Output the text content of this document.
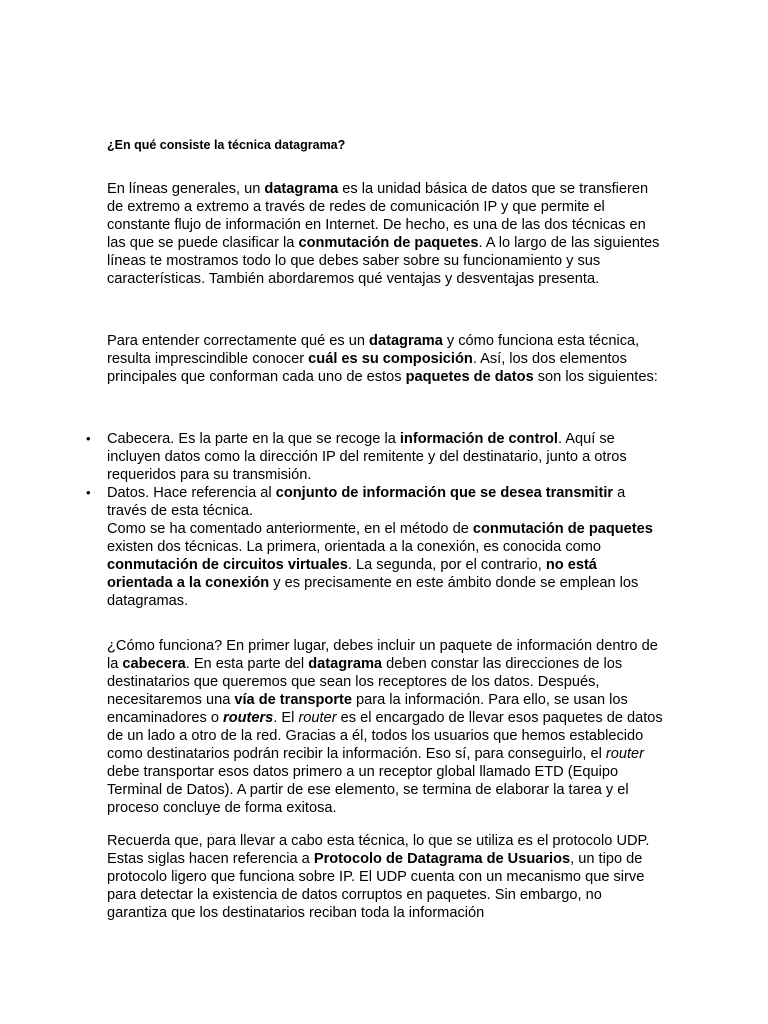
¿En qué consiste la técnica datagrama?

En líneas generales, un datagrama es la unidad básica de datos que se transfieren de extremo a extremo a través de redes de comunicación IP y que permite el constante flujo de información en Internet. De hecho, es una de las dos técnicas en las que se puede clasificar la conmutación de paquetes. A lo largo de las siguientes líneas te mostramos todo lo que debes saber sobre su funcionamiento y sus características. También abordaremos qué ventajas y desventajas presenta.

Para entender correctamente qué es un datagrama y cómo funciona esta técnica, resulta imprescindible conocer cuál es su composición. Así, los dos elementos principales que conforman cada uno de estos paquetes de datos son los siguientes:

• Cabecera. Es la parte en la que se recoge la información de control. Aquí se incluyen datos como la dirección IP del remitente y del destinatario, junto a otros requeridos para su transmisión.
• Datos. Hace referencia al conjunto de información que se desea transmitir a través de esta técnica.
Como se ha comentado anteriormente, en el método de conmutación de paquetes existen dos técnicas. La primera, orientada a la conexión, es conocida como conmutación de circuitos virtuales. La segunda, por el contrario, no está orientada a la conexión y es precisamente en este ámbito donde se emplean los datagramas.

¿Cómo funciona? En primer lugar, debes incluir un paquete de información dentro de la cabecera. En esta parte del datagrama deben constar las direcciones de los destinatarios que queremos que sean los receptores de los datos. Después, necesitaremos una vía de transporte para la información. Para ello, se usan los encaminadores o routers. El router es el encargado de llevar esos paquetes de datos de un lado a otro de la red. Gracias a él, todos los usuarios que hemos establecido como destinatarios podrán recibir la información. Eso sí, para conseguirlo, el router debe transportar esos datos primero a un receptor global llamado ETD (Equipo Terminal de Datos). A partir de ese elemento, se termina de elaborar la tarea y el proceso concluye de forma exitosa.

Recuerda que, para llevar a cabo esta técnica, lo que se utiliza es el protocolo UDP. Estas siglas hacen referencia a Protocolo de Datagrama de Usuarios, un tipo de protocolo ligero que funciona sobre IP. El UDP cuenta con un mecanismo que sirve para detectar la existencia de datos corruptos en paquetes. Sin embargo, no garantiza que los destinatarios reciban toda la información
